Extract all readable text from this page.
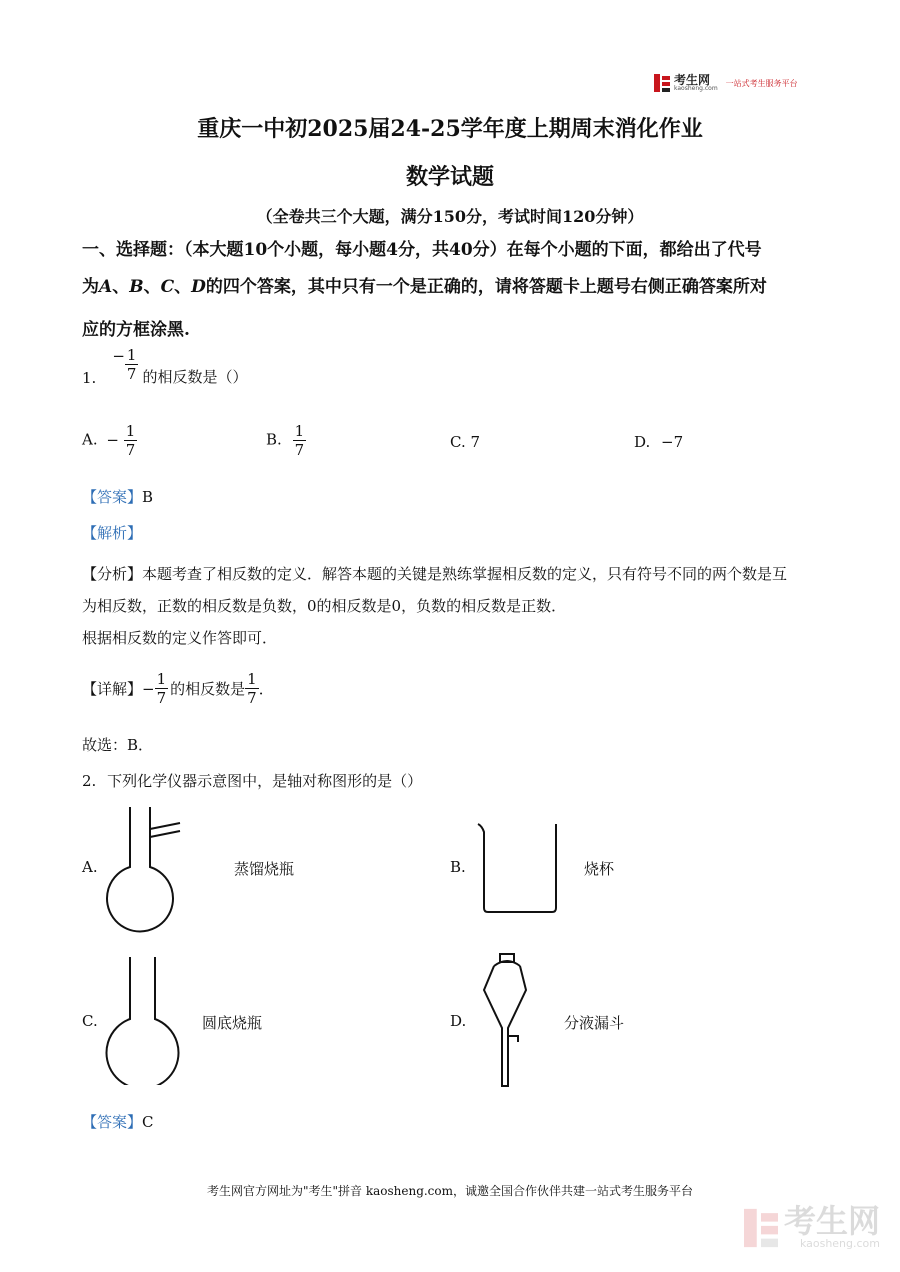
考生网
kaosheng.com
一站式考生服务平台
重庆一中初2025届24-25学年度上期周末消化作业
数学试题
（全卷共三个大题，满分150分，考试时间120分钟）
一、选择题：（本大题10个小题，每小题4分，共40分）在每个小题的下面，都给出了代号
为A、B、C、D的四个答案，其中只有一个是正确的，请将答 ·题 ·卡 ·上题号右侧正确答案所对
应的方框涂黑.
1.
− $\frac{1}{7}$ 的相反数是（）
A. − $\frac{1}{7}$	B. $\frac{1}{7}$	C. 7	D. −7
【答案】B
【解析】
【分析】本题考查了相反数的定义．解答本题的关键是熟练掌握相反数的定义，只有符号不同的两个数是互
为相反数，正数的相反数是负数，0的相反数是0，负数的相反数是正数．
根据相反数的定义作答即可．
【详解】 − $\frac{1}{7}$ 的相反数是 $\frac{1}{7}$ ．
故选：B．
2. 下列化学仪器示意图中，是轴对称图形的是（）
A.	蒸馏烧瓶	B.	烧杯
C.	圆底烧瓶	D.	分液漏斗
【答案】C
考生网官方网址为"考生"拼音 kaosheng.com，诚邀全国合作伙伴共建一站式考生服务平台
考生网
kaosheng.com
